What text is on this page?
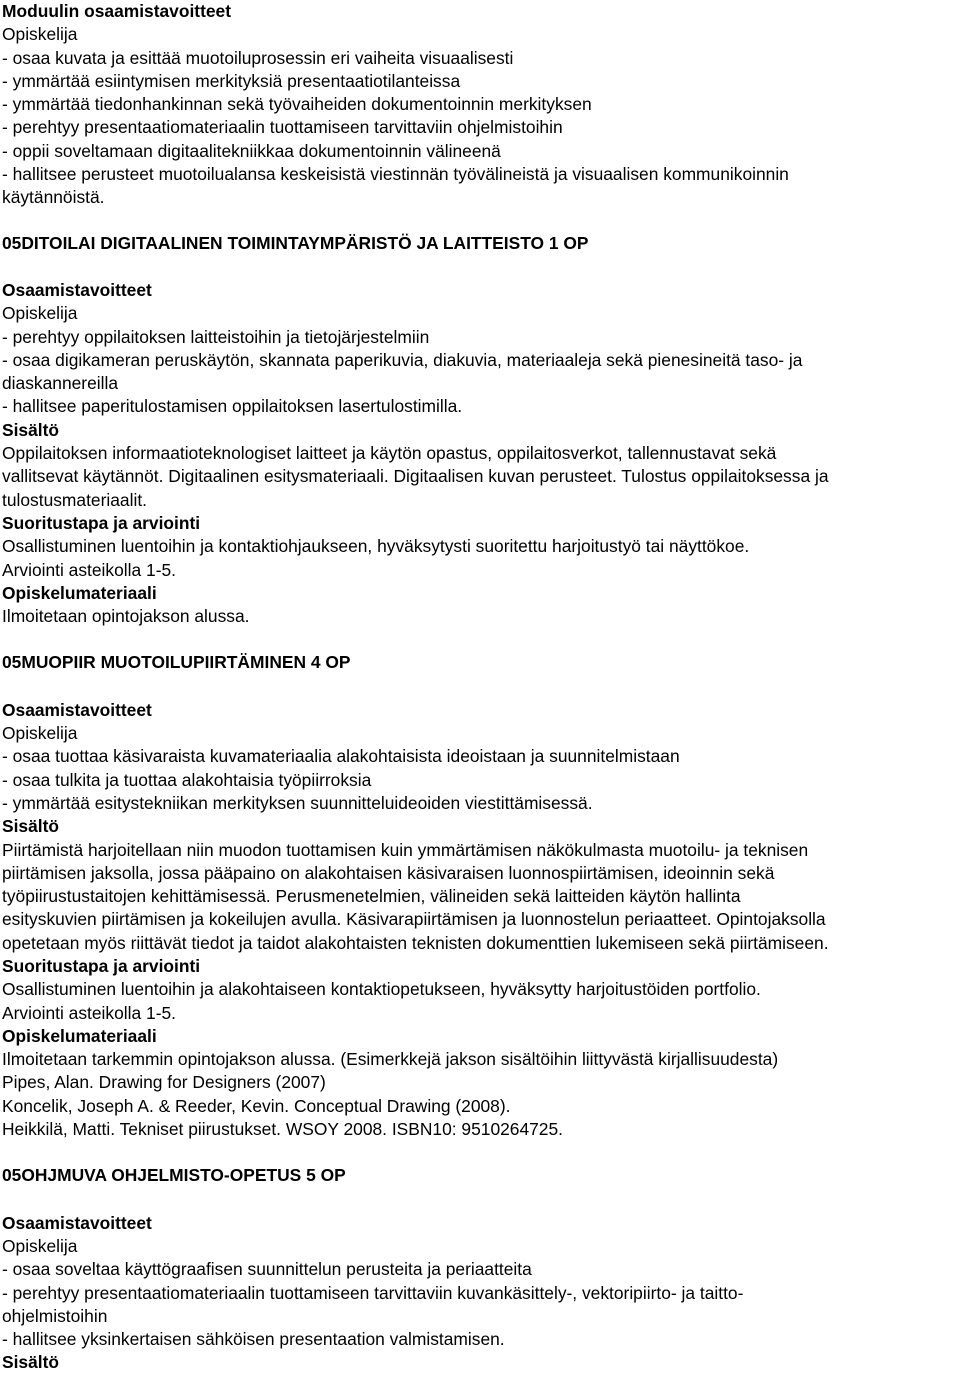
Moduulin osaamistavoitteet

Opiskelija

- osaa kuvata ja esittää muotoiluprosessin eri vaiheita visuaalisesti

- ymmärtää esiintymisen merkityksiä presentaatiotilanteissa

- ymmärtää tiedonhankinnan sekä työvaiheiden dokumentoinnin merkityksen

- perehtyy presentaatiomateriaalin tuottamiseen tarvittaviin ohjelmistoihin

- oppii soveltamaan digitaalitekniikkaa dokumentoinnin välineenä

- hallitsee perusteet muotoilualansa keskeisistä viestinnän työvälineistä ja visuaalisen kommunikoinnin

käytännöistä.

05DITOILAI DIGITAALINEN TOIMINTAYMPÄRISTÖ JA LAITTEISTO 1 OP

Osaamistavoitteet

Opiskelija

- perehtyy oppilaitoksen laitteistoihin ja tietojärjestelmiin

- osaa digikameran peruskäytön, skannata paperikuvia, diakuvia, materiaaleja sekä pienesineitä taso- ja

diaskannereilla

- hallitsee paperitulostamisen oppilaitoksen lasertulostimilla.

Sisältö

Oppilaitoksen informaatioteknologiset laitteet ja käytön opastus, oppilaitosverkot, tallennustavat sekä

vallitsevat käytännöt. Digitaalinen esitysmateriaali. Digitaalisen kuvan perusteet. Tulostus oppilaitoksessa ja

tulostusmateriaalit.

Suoritustapa ja arviointi

Osallistuminen luentoihin ja kontaktiohjaukseen, hyväksytysti suoritettu harjoitustyö tai näyttökoe.

Arviointi asteikolla 1-5.

Opiskelumateriaali

Ilmoitetaan opintojakson alussa.

05MUOPIIR MUOTOILUPIIRTÄMINEN 4 OP

Osaamistavoitteet

Opiskelija

- osaa tuottaa käsivaraista kuvamateriaalia alakohtaisista ideoistaan ja suunnitelmistaan

- osaa tulkita ja tuottaa alakohtaisia työpiirroksia

- ymmärtää esitystekniikan merkityksen suunnitteluideoiden viestittämisessä.

Sisältö

Piirtämistä harjoitellaan niin muodon tuottamisen kuin ymmärtämisen näkökulmasta muotoilu- ja teknisen

piirtämisen jaksolla, jossa pääpaino on alakohtaisen käsivaraisen luonnospiirtämisen, ideoinnin sekä

työpiirustustaitojen kehittämisessä. Perusmenetelmien, välineiden sekä laitteiden käytön hallinta

esityskuvien piirtämisen ja kokeilujen avulla. Käsivarapiirtämisen ja luonnostelun periaatteet. Opintojaksolla

opetetaan myös riittävät tiedot ja taidot alakohtaisten teknisten dokumenttien lukemiseen sekä piirtämiseen.

Suoritustapa ja arviointi

Osallistuminen luentoihin ja alakohtaiseen kontaktiopetukseen, hyväksytty harjoitustöiden portfolio.

Arviointi asteikolla 1-5.

Opiskelumateriaali

Ilmoitetaan tarkemmin opintojakson alussa. (Esimerkkejä jakson sisältöihin liittyvästä kirjallisuudesta)

Pipes, Alan. Drawing for Designers (2007)

Koncelik, Joseph A. & Reeder, Kevin. Conceptual Drawing (2008).

Heikkilä, Matti. Tekniset piirustukset. WSOY 2008. ISBN10: 9510264725.

05OHJMUVA OHJELMISTO-OPETUS 5 OP

Osaamistavoitteet

Opiskelija

- osaa soveltaa käyttögraafisen suunnittelun perusteita ja periaatteita

- perehtyy presentaatiomateriaalin tuottamiseen tarvittaviin kuvankäsittely-, vektoripiirto- ja taitto-

ohjelmistoihin

- hallitsee yksinkertaisen sähköisen presentaation valmistamisen.

Sisältö
